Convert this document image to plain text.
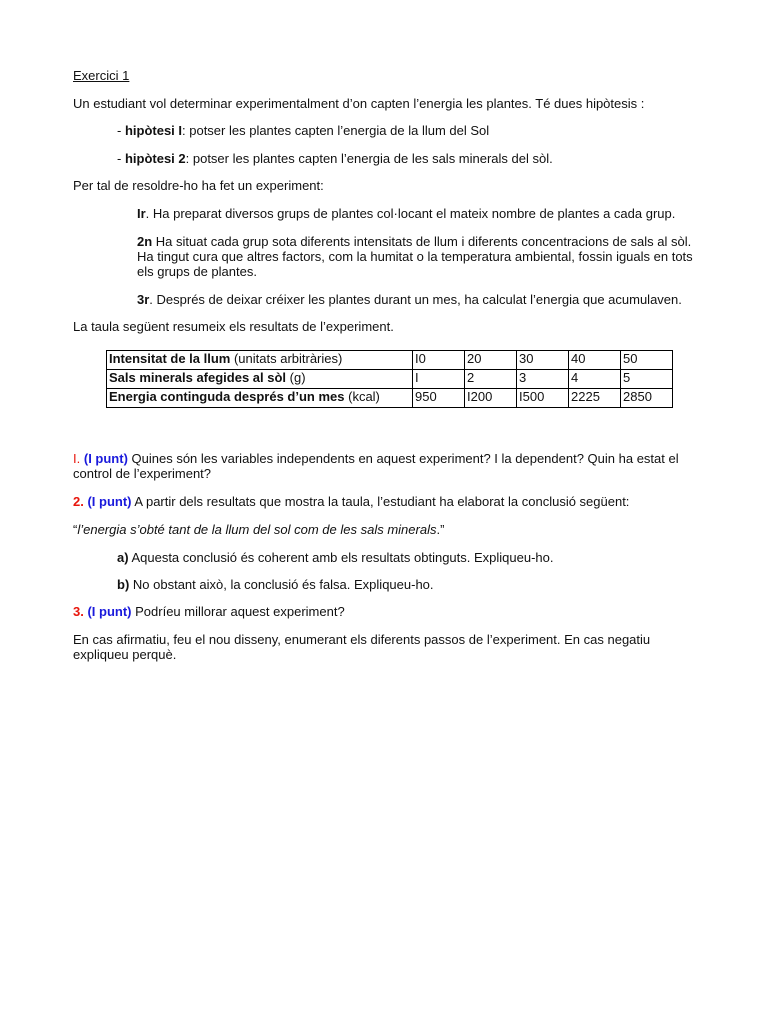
Exercici 1
Un estudiant vol determinar experimentalment d’on capten l’energia les plantes. Té dues hipòtesis :
- hipòtesi I: potser les plantes capten l’energia de la llum del Sol
- hipòtesi 2: potser les plantes capten l’energia de les sals minerals del sòl.
Per tal de resoldre-ho ha fet un experiment:
Ir. Ha preparat diversos grups de plantes col·locant el mateix nombre de plantes a cada grup.
2n Ha situat cada grup sota diferents intensitats de llum i diferents concentracions de sals al sòl. Ha tingut cura que altres factors, com la humitat o la temperatura ambiental, fossin iguals en tots els grups de plantes.
3r. Després de deixar créixer les plantes durant un mes, ha calculat l’energia que acumulaven.
La taula següent resumeix els resultats de l’experiment.
Intensitat de la llum (unitats arbitràries)	I0	20	30	40	50
Sals minerals afegides al sòl (g)	I	2	3	4	5
Energia continguda després d’un mes (kcal)	950	I200	I500	2225	2850
I. (I punt) Quines són les variables independents en aquest experiment? I la dependent? Quin ha estat el control de l’experiment?
2. (I punt) A partir dels resultats que mostra la taula, l’estudiant ha elaborat la conclusió següent:
“l’energia s’obté tant de la llum del sol com de les sals minerals.”
a) Aquesta conclusió és coherent amb els resultats obtinguts. Expliqueu-ho.
b) No obstant això, la conclusió és falsa. Expliqueu-ho.
3. (I punt) Podríeu millorar aquest experiment?
En cas afirmatiu, feu el nou disseny, enumerant els diferents passos de l’experiment. En cas negatiu expliqueu perquè.
